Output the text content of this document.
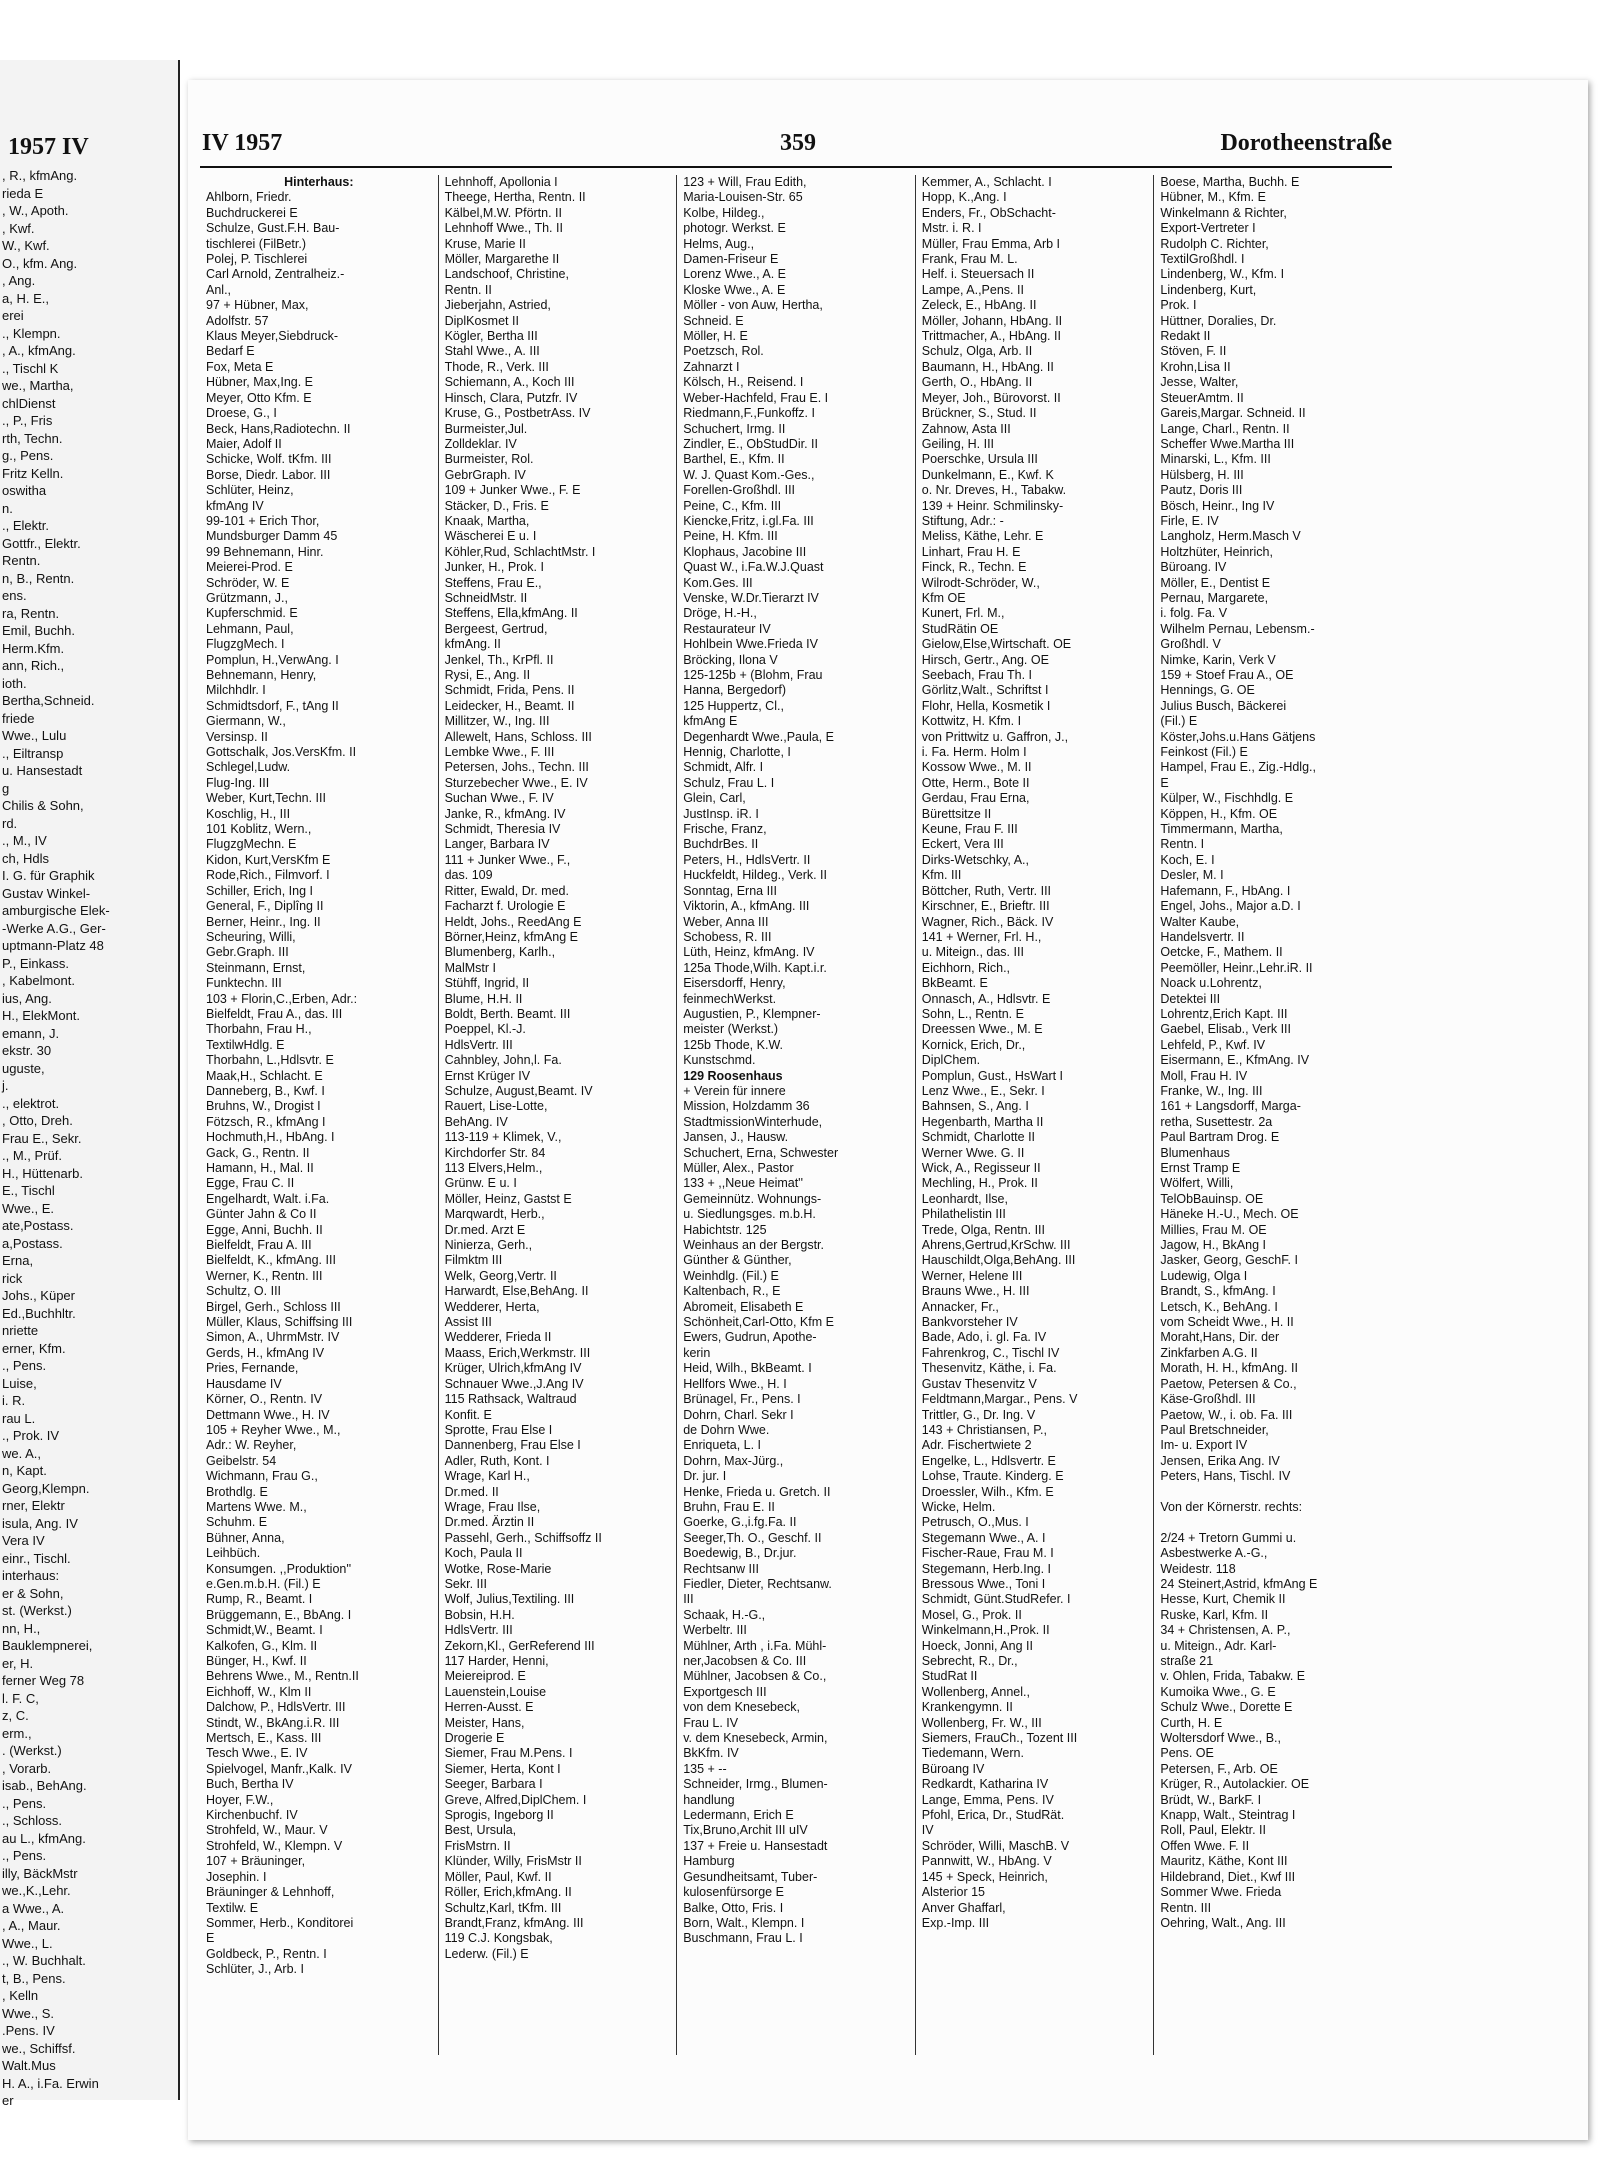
1957 IV
, R., kfmAng.
rieda E
, W., Apoth.
, Kwf.
W., Kwf.
O., kfm. Ang.
, Ang.
a, H. E.,
erei
., Klempn.
, A., kfmAng.
., Tischl K
we., Martha,
chlDienst
., P., Fris
rth, Techn.
g., Pens.
Fritz Kelln.
oswitha
n.
., Elektr.
Gottfr., Elektr.
Rentn.
n, B., Rentn.
ens.
ra, Rentn.
Emil, Buchh.
Herm.Kfm.
ann, Rich.,
ioth.
Bertha,Schneid.
friede
Wwe., Lulu
., Eiltransp
u. Hansestadt
g
Chilis & Sohn,
rd.
., M., IV
ch, Hdls
I. G. für Graphik
Gustav Winkel-
amburgische Elek-
-Werke A.G., Ger-
uptmann-Platz 48
P., Einkass.
, Kabelmont.
ius, Ang.
H., ElekMont.
emann, J.
ekstr. 30
uguste,
j.
., elektrot.
, Otto, Dreh.
Frau E., Sekr.
., M., Prüf.
H., Hüttenarb.
E., Tischl
Wwe., E.
ate,Postass.
a,Postass.
Erna,
rick
Johs., Küper
Ed.,Buchhltr.
nriette
erner, Kfm.
., Pens.
Luise,
i. R.
rau L.
., Prok. IV
we. A.,
n, Kapt.
Georg,Klempn.
rner, Elektr
isula, Ang. IV
Vera IV
einr., Tischl.
interhaus:
er & Sohn,
st. (Werkst.)
nn, H.,
Bauklempnerei,
er, H.
ferner Weg 78
l. F. C,
z, C.
erm.,
. (Werkst.)
, Vorarb.
isab., BehAng.
., Pens.
., Schloss.
au L., kfmAng.
., Pens.
illy, BäckMstr
we.,K.,Lehr.
a Wwe., A.
, A., Maur.
Wwe., L.
., W. Buchhalt.
t, B., Pens.
, Kelln
Wwe., S.
.Pens. IV
we., Schiffsf.
Walt.Mus
H. A., i.Fa. Erwin
er
IV 1957	359	Dorotheenstraße
Hinterhaus:
Ahlborn, Friedr.
Buchdruckerei E
Schulze, Gust.F.H. Bau-
tischlerei (FilBetr.)
Polej, P. Tischlerei
Carl Arnold, Zentralheiz.-
Anl.,
97 + Hübner, Max,
Adolfstr. 57
Klaus Meyer,Siebdruck-
Bedarf E
Fox, Meta E
Hübner, Max,Ing. E
Meyer, Otto Kfm. E
Droese, G., I
Beck, Hans,Radiotechn. II
Maier, Adolf II
Schicke, Wolf. tKfm. III
Borse, Diedr. Labor. III
Schlüter, Heinz,
kfmAng IV
99-101 + Erich Thor,
Mundsburger Damm 45
99 Behnemann, Hinr.
Meierei-Prod. E
Schröder, W. E
Grützmann, J.,
Kupferschmid. E
Lehmann, Paul,
FlugzgMech. I
Pomplun, H.,VerwAng. I
Behnemann, Henry,
Milchhdlr. I
Schmidtsdorf, F., tAng II
Giermann, W.,
Versinsp. II
Gottschalk, Jos.VersKfm. II
Schlegel,Ludw.
Flug-Ing. III
Weber, Kurt,Techn. III
Koschlig, H., III
101 Koblitz, Wern.,
FlugzgMechn. E
Kidon, Kurt,VersKfm E
Rode,Rich., Filmvorf. I
Schiller, Erich, Ing I
General, F., Diplîng II
Berner, Heinr., Ing. II
Scheuring, Willi,
Gebr.Graph. III
Steinmann, Ernst,
Funktechn. III
103 + Florin,C.,Erben, Adr.:
Bielfeldt, Frau A., das. III
Thorbahn, Frau H.,
TextilwHdlg. E
Thorbahn, L.,Hdlsvtr. E
Maak,H., Schlacht. E
Danneberg, B., Kwf. I
Bruhns, W., Drogist I
Fötzsch, R., kfmAng I
Hochmuth,H., HbAng. I
Gack, G., Rentn. II
Hamann, H., Mal. II
Egge, Frau C. II
Engelhardt, Walt. i.Fa.
Günter Jahn & Co II
Egge, Anni, Buchh. II
Bielfeldt, Frau A. III
Bielfeldt, K., kfmAng. III
Werner, K., Rentn. III
Schultz, O. III
Birgel, Gerh., Schloss III
Müller, Klaus, Schiffsing III
Simon, A., UhrmMstr. IV
Gerds, H., kfmAng IV
Pries, Fernande,
Hausdame IV
Körner, O., Rentn. IV
Dettmann Wwe., H. IV
105 + Reyher Wwe., M.,
Adr.: W. Reyher,
Geibelstr. 54
Wichmann, Frau G.,
Brothdlg. E
Martens Wwe. M.,
Schuhm. E
Bühner, Anna,
Leihbüch.
Konsumgen. ,,Produktion''
e.Gen.m.b.H. (Fil.) E
Rump, R., Beamt. I
Brüggemann, E., BbAng. I
Schmidt,W., Beamt. I
Kalkofen, G., Klm. II
Bünger, H., Kwf. II
Behrens Wwe., M., Rentn.II
Eichhoff, W., Klm II
Dalchow, P., HdlsVertr. III
Stindt, W., BkAng.i.R. III
Mertsch, E., Kass. III
Tesch Wwe., E. IV
Spielvogel, Manfr.,Kalk. IV
Buch, Bertha IV
Hoyer, F.W.,
Kirchenbuchf. IV
Strohfeld, W., Maur. V
Strohfeld, W., Klempn. V
107 + Bräuninger,
Josephin. I
Bräuninger & Lehnhoff,
Textilw. E
Sommer, Herb., Konditorei
E
Goldbeck, P., Rentn. I
Schlüter, J., Arb. I
Lehnhoff, Apollonia I
Theege, Hertha, Rentn. II
Kälbel,M.W. Pförtn. II
Lehnhoff Wwe., Th. II
Kruse, Marie II
Möller, Margarethe II
Landschoof, Christine,
Rentn. II
Jieberjahn, Astried,
DiplKosmet II
Kögler, Bertha III
Stahl Wwe., A. III
Thode, R., Verk. III
Schiemann, A., Koch III
Hinsch, Clara, Putzfr. IV
Kruse, G., PostbetrAss. IV
Burmeister,Jul.
Zolldeklar. IV
Burmeister, Rol.
GebrGraph. IV
109 + Junker Wwe., F. E
Stäcker, D., Fris. E
Knaak, Martha,
Wäscherei E u. I
Köhler,Rud, SchlachtMstr. I
Junker, H., Prok. I
Steffens, Frau E.,
SchneidMstr. II
Steffens, Ella,kfmAng. II
Bergeest, Gertrud,
kfmAng. II
Jenkel, Th., KrPfl. II
Rysi, E., Ang. II
Schmidt, Frida, Pens. II
Leidecker, H., Beamt. II
Millitzer, W., Ing. III
Allewelt, Hans, Schloss. III
Lembke Wwe., F. III
Petersen, Johs., Techn. III
Sturzebecher Wwe., E. IV
Suchan Wwe., F. IV
Janke, R., kfmAng. IV
Schmidt, Theresia IV
Langer, Barbara IV
111 + Junker Wwe., F.,
das. 109
Ritter, Ewald, Dr. med.
Facharzt f. Urologie E
Heldt, Johs., ReedAng E
Börner,Heinz, kfmAng E
Blumenberg, Karlh.,
MalMstr I
Stühff, Ingrid, II
Blume, H.H. II
Boldt, Berth. Beamt. III
Poeppel, Kl.-J.
HdlsVertr. III
Cahnbley, John,l. Fa.
Ernst Krüger IV
Schulze, August,Beamt. IV
Rauert, Lise-Lotte,
BehAng. IV
113-119 + Klimek, V.,
Kirchdorfer Str. 84
113 Elvers,Helm.,
Grünw. E u. I
Möller, Heinz, Gastst E
Marqwardt, Herb.,
Dr.med. Arzt E
Ninierza, Gerh.,
Filmktm III
Welk, Georg,Vertr. II
Harwardt, Else,BehAng. II
Wedderer, Herta,
Assist III
Wedderer, Frieda II
Maass, Erich,Werkmstr. III
Krüger, Ulrich,kfmAng IV
Schnauer Wwe.,J.Ang IV
115 Rathsack, Waltraud
Konfit. E
Sprotte, Frau Else I
Dannenberg, Frau Else I
Adler, Ruth, Kont. I
Wrage, Karl H.,
Dr.med. II
Wrage, Frau Ilse,
Dr.med. Ärztin II
Passehl, Gerh., Schiffsoffz II
Koch, Paula II
Wotke, Rose-Marie
Sekr. III
Wolf, Julius,Textiling. III
Bobsin, H.H.
HdlsVertr. III
Zekorn,Kl., GerReferend III
117 Harder, Henni,
Meiereiprod. E
Lauenstein,Louise
Herren-Ausst. E
Meister, Hans,
Drogerie E
Siemer, Frau M.Pens. I
Siemer, Herta, Kont I
Seeger, Barbara I
Greve, Alfred,DiplChem. I
Sprogis, Ingeborg II
Best, Ursula,
FrisMstrn. II
Klünder, Willy, FrisMstr II
Möller, Paul, Kwf. II
Röller, Erich,kfmAng. II
Schultz,Karl, tKfm. III
Brandt,Franz, kfmAng. III
119 C.J. Kongsbak,
Lederw. (Fil.) E
123 + Will, Frau Edith,
Maria-Louisen-Str. 65
Kolbe, Hildeg.,
photogr. Werkst. E
Helms, Aug.,
Damen-Friseur E
Lorenz Wwe., A. E
Kloske Wwe., A. E
Möller - von Auw, Hertha,
Schneid. E
Möller, H. E
Poetzsch, Rol.
Zahnarzt I
Kölsch, H., Reisend. I
Weber-Hachfeld, Frau E. I
Riedmann,F.,Funkoffz. I
Schuchert, Irmg. II
Zindler, E., ObStudDir. II
Barthel, E., Kfm. II
W. J. Quast Kom.-Ges.,
Forellen-Großhdl. III
Peine, C., Kfm. III
Kiencke,Fritz, i.gl.Fa. III
Peine, H. Kfm. III
Klophaus, Jacobine III
Quast W., i.Fa.W.J.Quast
Kom.Ges. III
Venske, W.Dr.Tierarzt IV
Dröge, H.-H.,
Restaurateur IV
Hohlbein Wwe.Frieda IV
Bröcking, Ilona V
125-125b + (Blohm, Frau
Hanna, Bergedorf)
125 Huppertz, Cl.,
kfmAng E
Degenhardt Wwe.,Paula, E
Hennig, Charlotte, I
Schmidt, Alfr. I
Schulz, Frau L. I
Glein, Carl,
JustInsp. iR. I
Frische, Franz,
BuchdrBes. II
Peters, H., HdlsVertr. II
Huckfeldt, Hildeg., Verk. II
Sonntag, Erna III
Viktorin, A., kfmAng. III
Weber, Anna III
Schobess, R. III
Lüth, Heinz, kfmAng. IV
125a Thode,Wilh. Kapt.i.r.
Eisersdorff, Henry,
feinmechWerkst.
Augustien, P., Klempner-
meister (Werkst.)
125b Thode, K.W.
Kunstschmd.
129 Roosenhaus
+ Verein für innere
Mission, Holzdamm 36
StadtmissionWinterhude,
Jansen, J., Hausw.
Schuchert, Erna, Schwester
Müller, Alex., Pastor
133 + ,,Neue Heimat''
Gemeinnütz. Wohnungs-
u. Siedlungsges. m.b.H.
Habichtstr. 125
Weinhaus an der Bergstr.
Günther & Günther,
Weinhdlg. (Fil.) E
Kaltenbach, R., E
Abromeit, Elisabeth E
Schönheit,Carl-Otto, Kfm E
Ewers, Gudrun, Apothe-
kerin
Heid, Wilh., BkBeamt. I
Hellfors Wwe., H. I
Brünagel, Fr., Pens. I
Dohrn, Charl. Sekr I
de Dohrn Wwe.
Enriqueta, L. I
Dohrn, Max-Jürg.,
Dr. jur. I
Henke, Frieda u. Gretch. II
Bruhn, Frau E. II
Goerke, G.,i.fg.Fa. II
Seeger,Th. O., Geschf. II
Boedewig, B., Dr.jur.
Rechtsanw III
Fiedler, Dieter, Rechtsanw.
III
Schaak, H.-G.,
Werbeltr. III
Mühlner, Arth , i.Fa. Mühl-
ner,Jacobsen & Co. III
Mühlner, Jacobsen & Co.,
Exportgesch III
von dem Knesebeck,
Frau L. IV
v. dem Knesebeck, Armin,
BkKfm. IV
135 + --
Schneider, Irmg., Blumen-
handlung
Ledermann, Erich E
Tix,Bruno,Archit III uIV
137 + Freie u. Hansestadt
Hamburg
Gesundheitsamt, Tuber-
kulosenfürsorge E
Balke, Otto, Fris. I
Born, Walt., Klempn. I
Buschmann, Frau L. I
Kemmer, A., Schlacht. I
Hopp, K.,Ang. I
Enders, Fr., ObSchacht-
Mstr. i. R. I
Müller, Frau Emma, Arb I
Frank, Frau M. L.
Helf. i. Steuersach II
Lampe, A.,Pens. II
Zeleck, E., HbAng. II
Möller, Johann, HbAng. II
Trittmacher, A., HbAng. II
Schulz, Olga, Arb. II
Baumann, H., HbAng. II
Gerth, O., HbAng. II
Meyer, Joh., Bürovorst. II
Brückner, S., Stud. II
Zahnow, Asta III
Geiling, H. III
Poerschke, Ursula III
Dunkelmann, E., Kwf. K
o. Nr. Dreves, H., Tabakw.
139 + Heinr. Schmilinsky-
Stiftung, Adr.: -
Meliss, Käthe, Lehr. E
Linhart, Frau H. E
Finck, R., Techn. E
Wilrodt-Schröder, W.,
Kfm OE
Kunert, Frl. M.,
StudRätin OE
Gielow,Else,Wirtschaft. OE
Hirsch, Gertr., Ang. OE
Seebach, Frau Th. I
Görlitz,Walt., Schriftst I
Flohr, Hella, Kosmetik I
Kottwitz, H. Kfm. I
von Prittwitz u. Gaffron, J.,
i. Fa. Herm. Holm I
Kossow Wwe., M. II
Otte, Herm., Bote II
Gerdau, Frau Erna,
Bürettsitze II
Keune, Frau F. III
Eckert, Vera III
Dirks-Wetschky, A.,
Kfm. III
Böttcher, Ruth, Vertr. III
Kirschner, E., Brieftr. III
Wagner, Rich., Bäck. IV
141 + Werner, Frl. H.,
u. Miteign., das. III
Eichhorn, Rich.,
BkBeamt. E
Onnasch, A., Hdlsvtr. E
Sohn, L., Rentn. E
Dreessen Wwe., M. E
Kornick, Erich, Dr.,
DiplChem.
Pomplun, Gust., HsWart I
Lenz Wwe., E., Sekr. I
Bahnsen, S., Ang. I
Hegenbarth, Martha II
Schmidt, Charlotte II
Werner Wwe. G. II
Wick, A., Regisseur II
Mechling, H., Prok. II
Leonhardt, Ilse,
Philathelistin III
Trede, Olga, Rentn. III
Ahrens,Gertrud,KrSchw. III
Hauschildt,Olga,BehAng. III
Werner, Helene III
Brauns Wwe., H. III
Annacker, Fr.,
Bankvorsteher IV
Bade, Ado, i. gl. Fa. IV
Fahrenkrog, C., Tischl IV
Thesenvitz, Käthe, i. Fa.
Gustav Thesenvitz V
Feldtmann,Margar., Pens. V
Trittler, G., Dr. Ing. V
143 + Christiansen, P.,
Adr. Fischertwiete 2
Engelke, L., Hdlsvertr. E
Lohse, Traute. Kinderg. E
Droessler, Wilh., Kfm. E
Wicke, Helm.
Petrusch, O.,Mus. I
Stegemann Wwe., A. I
Fischer-Raue, Frau M. I
Stegemann, Herb.Ing. I
Bressous Wwe., Toni I
Schmidt, Günt.StudRefer. I
Mosel, G., Prok. II
Winkelmann,H.,Prok. II
Hoeck, Jonni, Ang II
Sebrecht, R., Dr.,
StudRat II
Wollenberg, Annel.,
Krankengymn. II
Wollenberg, Fr. W., III
Siemers, FrauCh., Tozent III
Tiedemann, Wern.
Büroang IV
Redkardt, Katharina IV
Lange, Emma, Pens. IV
Pfohl, Erica, Dr., StudRät.
IV
Schröder, Willi, MaschB. V
Pannwitt, W., HbAng. V
145 + Speck, Heinrich,
Alsterior 15
Anver Ghaffarl,
Exp.-Imp. III
Boese, Martha, Buchh. E
Hübner, M., Kfm. E
Winkelmann & Richter,
Export-Vertreter I
Rudolph C. Richter,
TextilGroßhdl. I
Lindenberg, W., Kfm. I
Lindenberg, Kurt,
Prok. I
Hüttner, Doralies, Dr.
Redakt II
Stöven, F. II
Krohn,Lisa II
Jesse, Walter,
SteuerAmtm. II
Gareis,Margar. Schneid. II
Lange, Charl., Rentn. II
Scheffer Wwe.Martha III
Minarski, L., Kfm. III
Hülsberg, H. III
Pautz, Doris III
Bösch, Heinr., Ing IV
Firle, E. IV
Langholz, Herm.Masch V
Holtzhüter, Heinrich,
Büroang. IV
Möller, E., Dentist E
Pernau, Margarete,
i. folg. Fa. V
Wilhelm Pernau, Lebensm.-
Großhdl. V
Nimke, Karin, Verk V
159 + Stoef Frau A., OE
Hennings, G. OE
Julius Busch, Bäckerei
(Fil.) E
Köster,Johs.u.Hans Gätjens
Feinkost (Fil.) E
Hampel, Frau E., Zig.-Hdlg.,
E
Külper, W., Fischhdlg. E
Köppen, H., Kfm. OE
Timmermann, Martha,
Rentn. I
Koch, E. I
Desler, M. I
Hafemann, F., HbAng. I
Engel, Johs., Major a.D. I
Walter Kaube,
Handelsvertr. II
Oetcke, F., Mathem. II
Peemöller, Heinr.,Lehr.iR. II
Noack u.Lohrentz,
Detektei III
Lohrentz,Erich Kapt. III
Gaebel, Elisab., Verk III
Lehfeld, P., Kwf. IV
Eisermann, E., KfmAng. IV
Moll, Frau H. IV
Franke, W., Ing. III
161 + Langsdorff, Marga-
retha, Susettestr. 2a
Paul Bartram Drog. E
Blumenhaus
Ernst Tramp E
Wölfert, Willi,
TelObBauinsp. OE
Häneke H.-U., Mech. OE
Millies, Frau M. OE
Jagow, H., BkAng I
Jasker, Georg, GeschF. I
Ludewig, Olga I
Brandt, S., kfmAng. I
Letsch, K., BehAng. I
vom Scheidt Wwe., H. II
Moraht,Hans, Dir. der
Zinkfarben A.G. II
Morath, H. H., kfmAng. II
Paetow, Petersen & Co.,
Käse-Großhdl. III
Paetow, W., i. ob. Fa. III
Paul Bretschneider,
Im- u. Export IV
Jensen, Erika Ang. IV
Peters, Hans, Tischl. IV

Von der Körnerstr. rechts:

2/24 + Tretorn Gummi u.
Asbestwerke A.-G.,
Weidestr. 118
24 Steinert,Astrid, kfmAng E
Hesse, Kurt, Chemik II
Ruske, Karl, Kfm. II
34 + Christensen, A. P.,
u. Miteign., Adr. Karl-
straße 21
v. Ohlen, Frida, Tabakw. E
Kumoika Wwe., G. E
Schulz Wwe., Dorette E
Curth, H. E
Woltersdorf Wwe., B.,
Pens. OE
Petersen, F., Arb. OE
Krüger, R., Autolackier. OE
Brüdt, W., BarkF. I
Knapp, Walt., Steintrag I
Roll, Paul, Elektr. II
Offen Wwe. F. II
Mauritz, Käthe, Kont III
Hildebrand, Diet., Kwf III
Sommer Wwe. Frieda
Rentn. III
Oehring, Walt., Ang. III
